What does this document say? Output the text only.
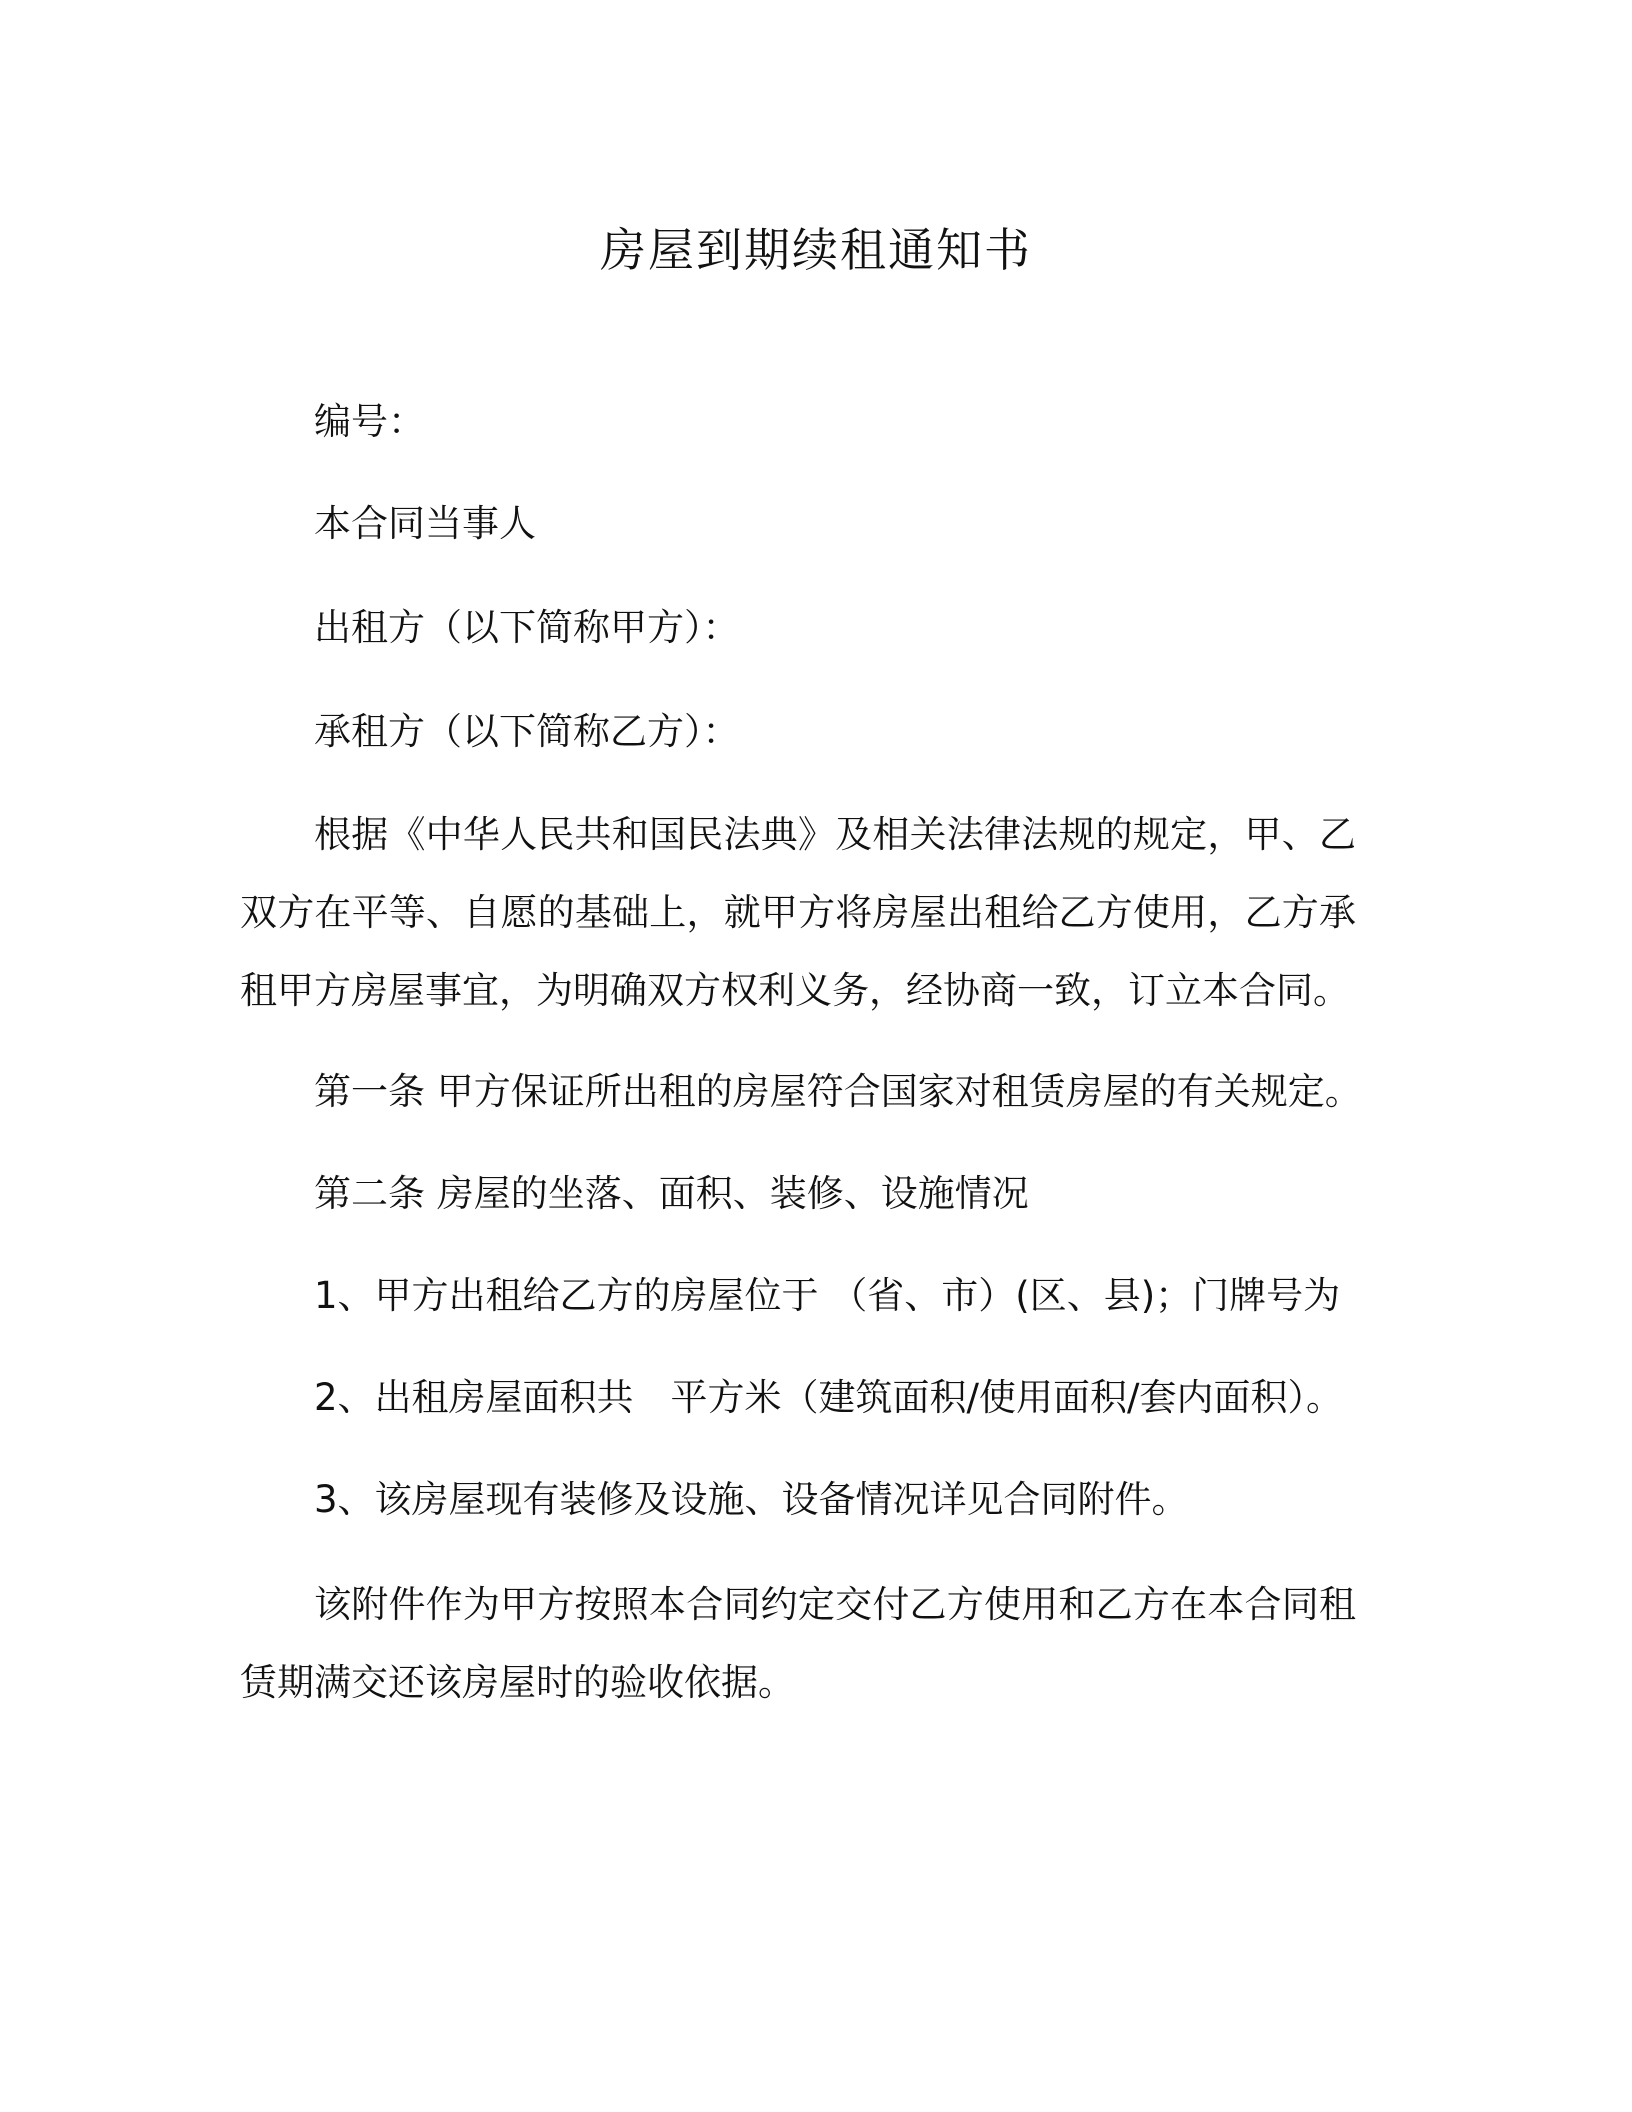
房屋到期续租通知书
编号：
本合同当事人
出租方（以下简称甲方）：
承租方（以下简称乙方）：
根据《中华人民共和国民法典》及相关法律法规的规定，甲、乙双方在平等、自愿的基础上，就甲方将房屋出租给乙方使用，乙方承租甲方房屋事宜，为明确双方权利义务，经协商一致，订立本合同。
第一条 甲方保证所出租的房屋符合国家对租赁房屋的有关规定。
第二条 房屋的坐落、面积、装修、设施情况
1、甲方出租给乙方的房屋位于 （省、市）(区、县)；门牌号为
2、出租房屋面积共　平方米（建筑面积/使用面积/套内面积）。
3、该房屋现有装修及设施、设备情况详见合同附件。
该附件作为甲方按照本合同约定交付乙方使用和乙方在本合同租赁期满交还该房屋时的验收依据。
